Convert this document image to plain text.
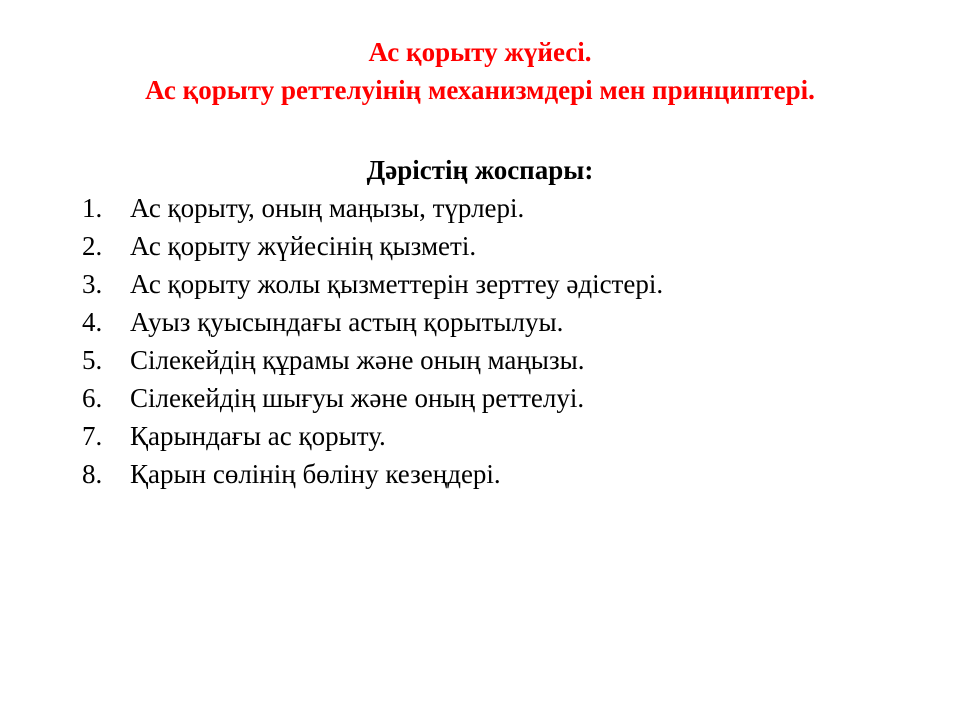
Ас қорыту жүйесі.
Ас қорыту реттелуінің механизмдері мен принциптері.
Дәрістің жоспары:
1.	Ас қорыту, оның маңызы, түрлері.
2.	Ас қорыту жүйесінің қызметі.
3.	Ас қорыту жолы қызметтерін зерттеу әдістері.
4.	Ауыз қуысындағы астың қорытылуы.
5.	Сілекейдің құрамы және оның маңызы.
6.	Сілекейдің шығуы және оның реттелуі.
7.	Қарындағы ас қорыту.
8.	Қарын сөлінің бөліну кезеңдері.
